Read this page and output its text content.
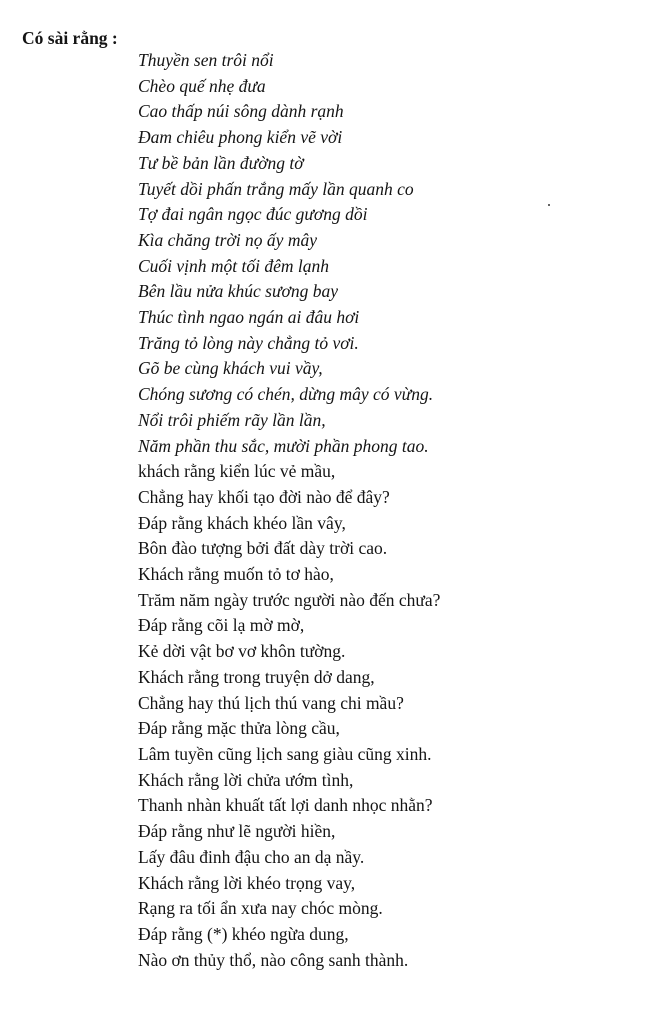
Có sài rằng :
Thuyền sen trôi nổi
Chèo quế nhẹ đưa
Cao thấp núi sông dành rạnh
Đam chiêu phong kiển vẽ vời
Tư bề bản lần đường tờ
Tuyết dồi phấn trắng mấy lần quanh co
Tợ đai ngân ngọc đúc gương dồi
Kìa chăng trời nọ ấy mây
Cuối vịnh một tối đêm lạnh
Bên lầu nửa khúc sương bay
Thúc tình ngao ngán ai đâu hơi
Trăng tỏ lòng này chẳng tỏ vơi.
Gõ be cùng khách vui vầy,
Chóng sương có chén, dừng mây có vừng.
Nổi trôi phiếm rãy lần lần,
Năm phần thu sắc, mười phần phong tao.
khách rằng kiển lúc vẻ mầu,
Chẳng hay khối tạo đời nào để đây?
Đáp rằng khách khéo lần vây,
Bôn đào tượng bởi đất dày trời cao.
Khách rằng muốn tỏ tơ hào,
Trăm năm ngày trước người nào đến chưa?
Đáp rằng cõi lạ mờ mờ,
Kẻ dời vật bơ vơ khôn tường.
Khách rằng trong truyện dở dang,
Chẳng hay thú lịch thú vang chi mầu?
Đáp rằng mặc thửa lòng cầu,
Lâm tuyền cũng lịch sang giàu cũng xinh.
Khách rằng lời chửa ướm tình,
Thanh nhàn khuất tất lợi danh nhọc nhằn?
Đáp rằng như lẽ người hiền,
Lấy đâu đinh đậu cho an dạ nầy.
Khách rằng lời khéo trọng vay,
Rạng ra tối ẩn xưa nay chóc mòng.
Đáp rằng (*) khéo ngừa dung,
Nào ơn thủy thổ, nào công sanh thành.
